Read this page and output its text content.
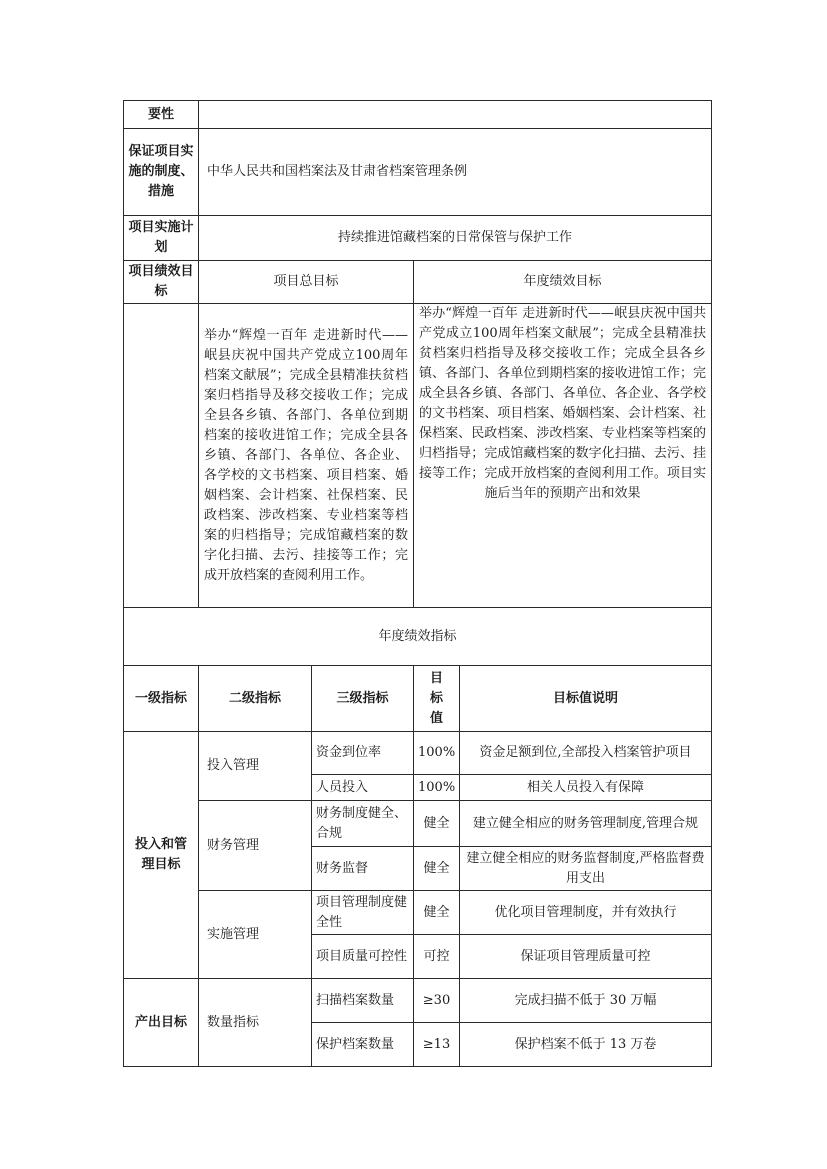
要性				
保证项目实施的制度、措施	中华人民共和国档案法及甘肃省档案管理条例			
项目实施计划	持续推进馆藏档案的日常保管与保护工作			
项目绩效目标	项目总目标		年度绩效目标	
	举办“辉煌一百年 走进新时代——岷县庆祝中国共产党成立100周年档案文献展”；完成全县精准扶贫档案归档指导及移交接收工作；完成全县各乡镇、各部门、各单位到期档案的接收进馆工作；完成全县各乡镇、各部门、各单位、各企业、各学校的文书档案、项目档案、婚姻档案、会计档案、社保档案、民政档案、涉改档案、专业档案等档案的归档指导；完成馆藏档案的数字化扫描、去污、挂接等工作；完成开放档案的查阅利用工作。		举办“辉煌一百年 走进新时代——岷县庆祝中国共产党成立100周年档案文献展”；完成全县精准扶贫档案归档指导及移交接收工作；完成全县各乡镇、各部门、各单位到期档案的接收进馆工作；完成全县各乡镇、各部门、各单位、各企业、各学校的文书档案、项目档案、婚姻档案、会计档案、社保档案、民政档案、涉改档案、专业档案等档案的归档指导；完成馆藏档案的数字化扫描、去污、挂接等工作；完成开放档案的查阅利用工作。项目实施后当年的预期产出和效果	
年度绩效指标				
一级指标	二级指标	三级指标	目标值	目标值说明
投入和管理目标	投入管理	资金到位率	100%	资金足额到位,全部投入档案管护项目
		人员投入	100%	相关人员投入有保障
	财务管理	财务制度健全、合规	健全	建立健全相应的财务管理制度,管理合规
		财务监督	健全	建立健全相应的财务监督制度,严格监督费用支出
	实施管理	项目管理制度健全性	健全	优化项目管理制度，并有效执行
		项目质量可控性	可控	保证项目管理质量可控
产出目标	数量指标	扫描档案数量	≥30	完成扫描不低于 30 万幅
		保护档案数量	≥13	保护档案不低于 13 万卷
